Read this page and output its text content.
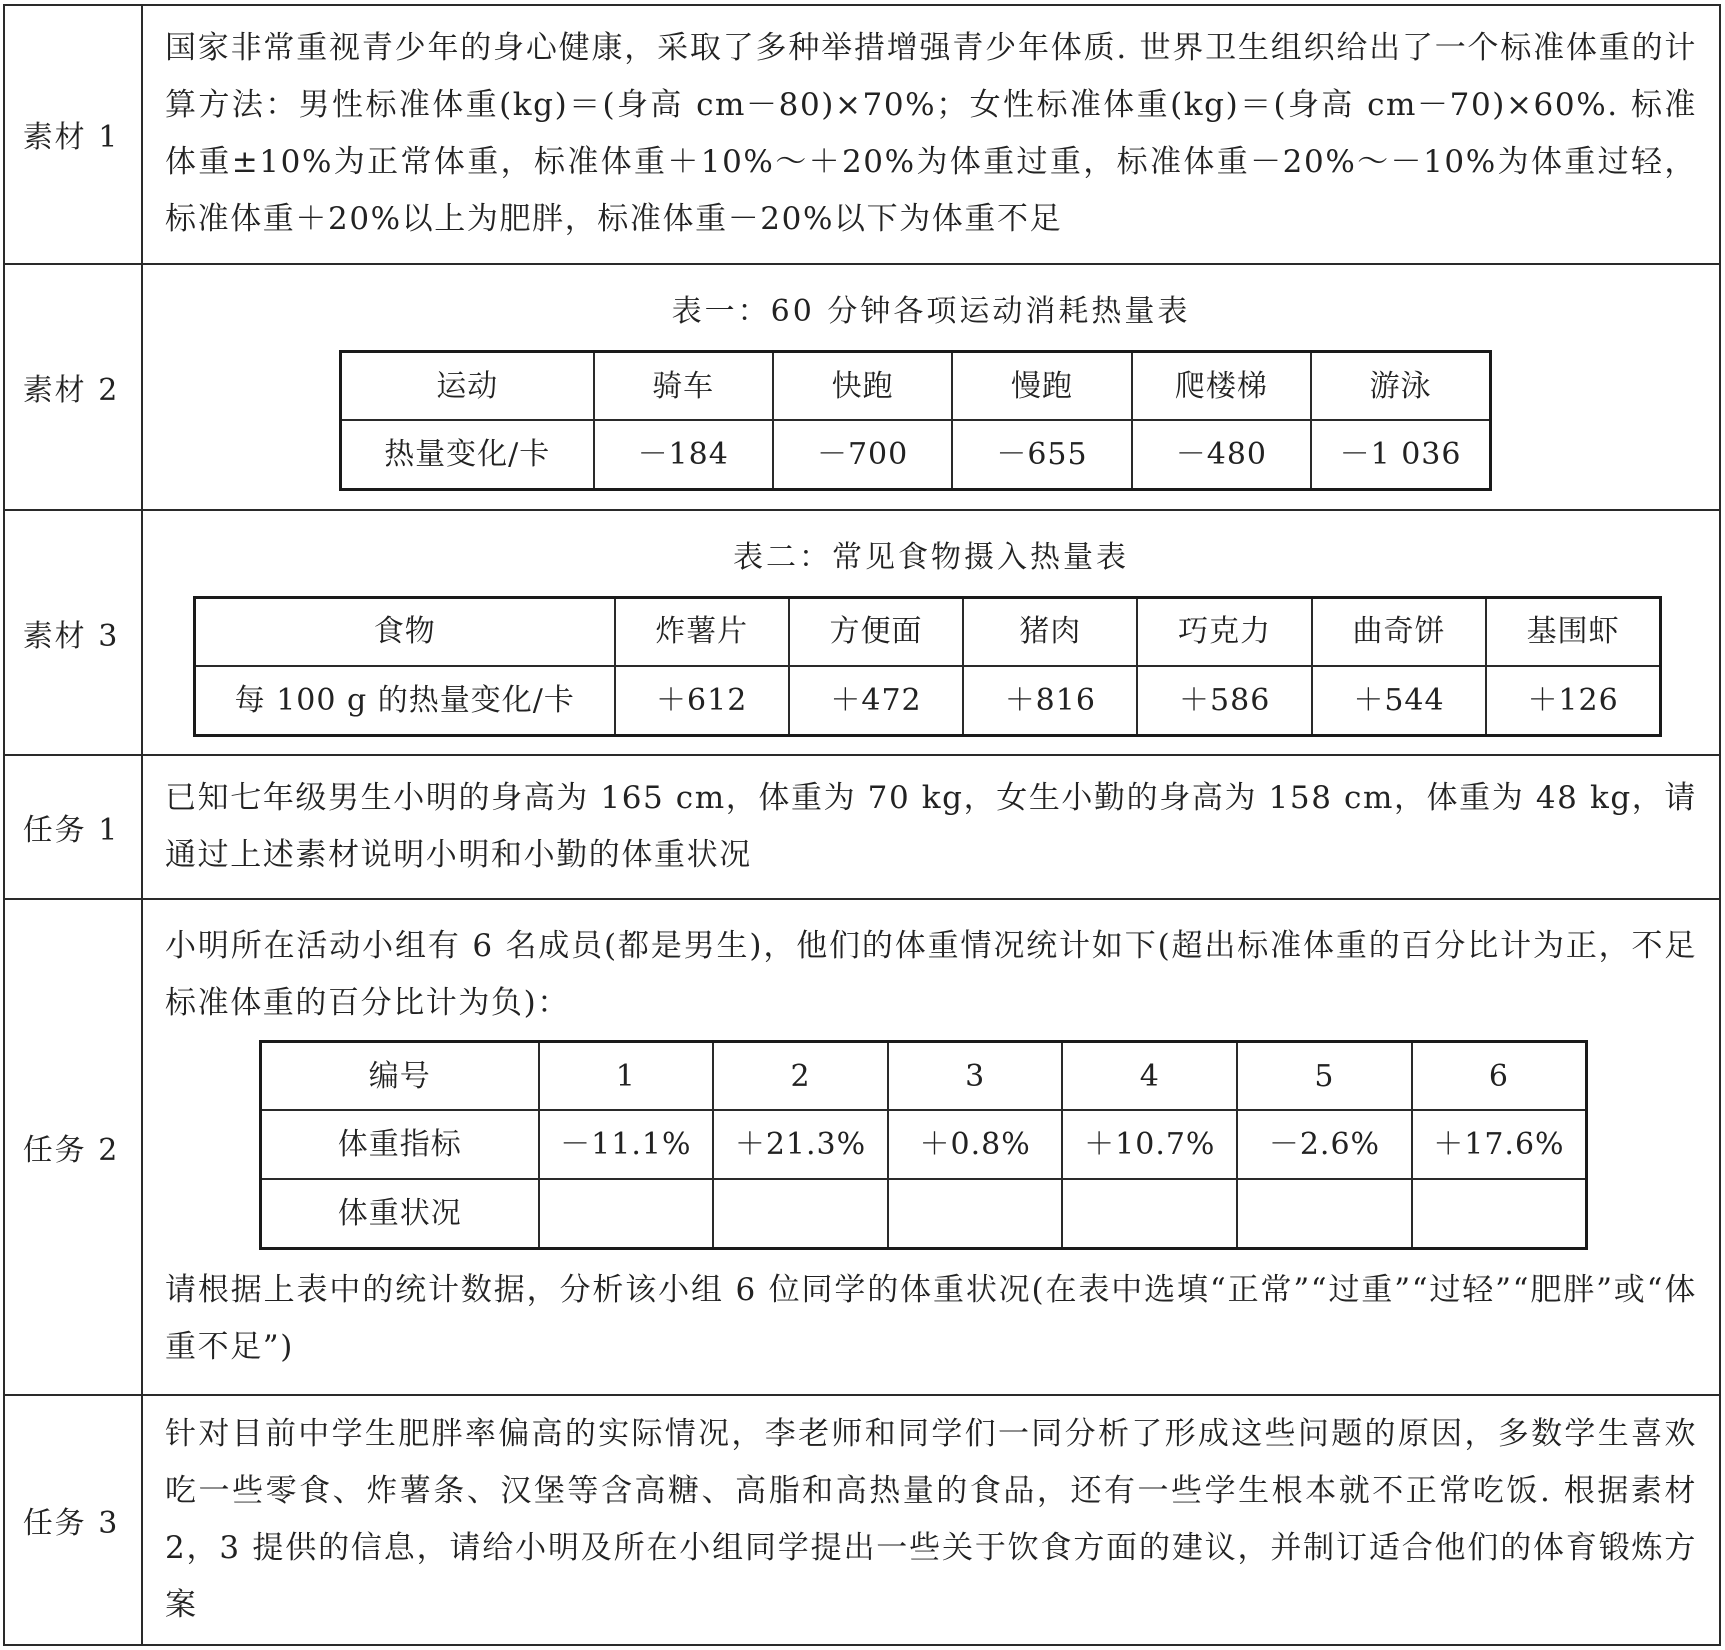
素材 1	
国家非常重视青少年的身心健康，采取了多种举措增强青少年体质. 世界卫生组织给出了一个标准体重的计算方法：男性标准体重(kg)＝(身高 cm－80)×70%；女性标准体重(kg)＝(身高 cm－70)×60%. 标准体重±10%为正常体重，标准体重＋10%～＋20%为体重过重，标准体重－20%～－10%为体重过轻，标准体重＋20%以上为肥胖，标准体重－20%以下为体重不足

素材 2	
表一：60 分钟各项运动消耗热量表
运动	骑车	快跑	慢跑	爬楼梯	游泳
热量变化/卡	－184	－700	－655	－480	－1 036

素材 3	
表二：常见食物摄入热量表
食物	炸薯片	方便面	猪肉	巧克力	曲奇饼	基围虾
每 100 g 的热量变化/卡	＋612	＋472	＋816	＋586	＋544	＋126

任务 1	
已知七年级男生小明的身高为 165 cm，体重为 70 kg，女生小勤的身高为 158 cm，体重为 48 kg，请通过上述素材说明小明和小勤的体重状况

任务 2	
小明所在活动小组有 6 名成员(都是男生)，他们的体重情况统计如下(超出标准体重的百分比计为正，不足标准体重的百分比计为负)：
编号	1	2	3	4	5	6
体重指标	－11.1%	＋21.3%	＋0.8%	＋10.7%	－2.6%	＋17.6%
体重状况						
请根据上表中的统计数据，分析该小组 6 位同学的体重状况(在表中选填“正常”“过重”“过轻”“肥胖”或“体重不足”)

任务 3	
针对目前中学生肥胖率偏高的实际情况，李老师和同学们一同分析了形成这些问题的原因，多数学生喜欢吃一些零食、炸薯条、汉堡等含高糖、高脂和高热量的食品，还有一些学生根本就不正常吃饭. 根据素材 2，3 提供的信息，请给小明及所在小组同学提出一些关于饮食方面的建议，并制订适合他们的体育锻炼方案
